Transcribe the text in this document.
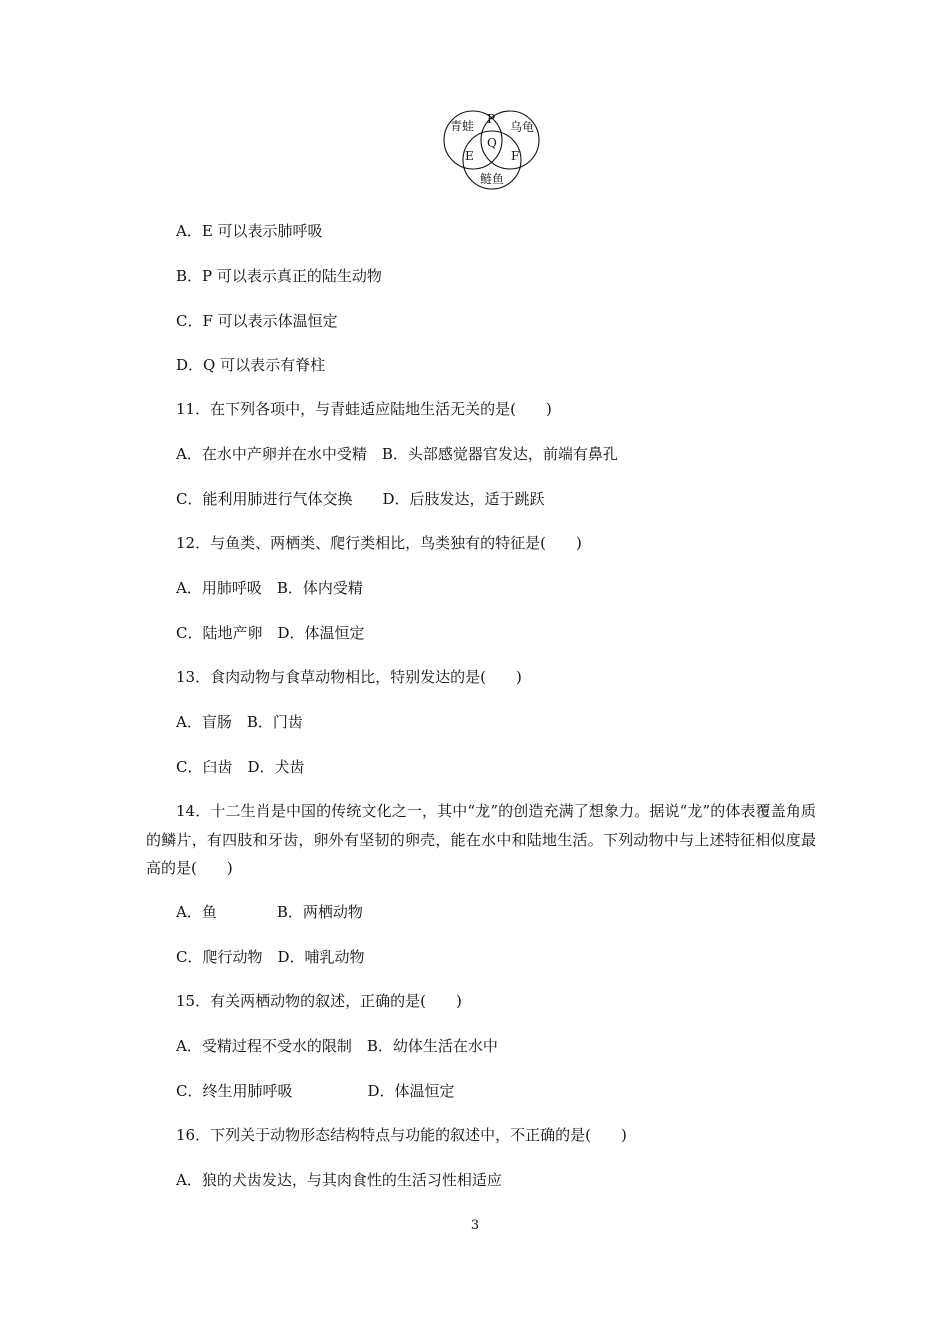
青蛙	乌龟
鲢鱼
P
Q
E	F
A．E 可以表示肺呼吸
B．P 可以表示真正的陆生动物
C．F 可以表示体温恒定
D．Q 可以表示有脊柱
11．在下列各项中，与青蛙适应陆地生活无关的是(　　)
A．在水中产卵并在水中受精　B．头部感觉器官发达，前端有鼻孔
C．能利用肺进行气体交换　　D．后肢发达，适于跳跃
12．与鱼类、两栖类、爬行类相比，鸟类独有的特征是(　　)
A．用肺呼吸　B．体内受精
C．陆地产卵　D．体温恒定
13．食肉动物与食草动物相比，特别发达的是(　　)
A．盲肠　B．门齿
C．臼齿　D．犬齿
14．十二生肖是中国的传统文化之一，其中“龙”的创造充满了想象力。据说“龙”的体表覆盖角质的鳞片，有四肢和牙齿，卵外有坚韧的卵壳，能在水中和陆地生活。下列动物中与上述特征相似度最高的是(　　)
A．鱼　　　　B．两栖动物
C．爬行动物　D．哺乳动物
15．有关两栖动物的叙述，正确的是(　　)
A．受精过程不受水的限制　B．幼体生活在水中
C．终生用肺呼吸　　　　　D．体温恒定
16．下列关于动物形态结构特点与功能的叙述中，不正确的是(　　)
A．狼的犬齿发达，与其肉食性的生活习性相适应
3
